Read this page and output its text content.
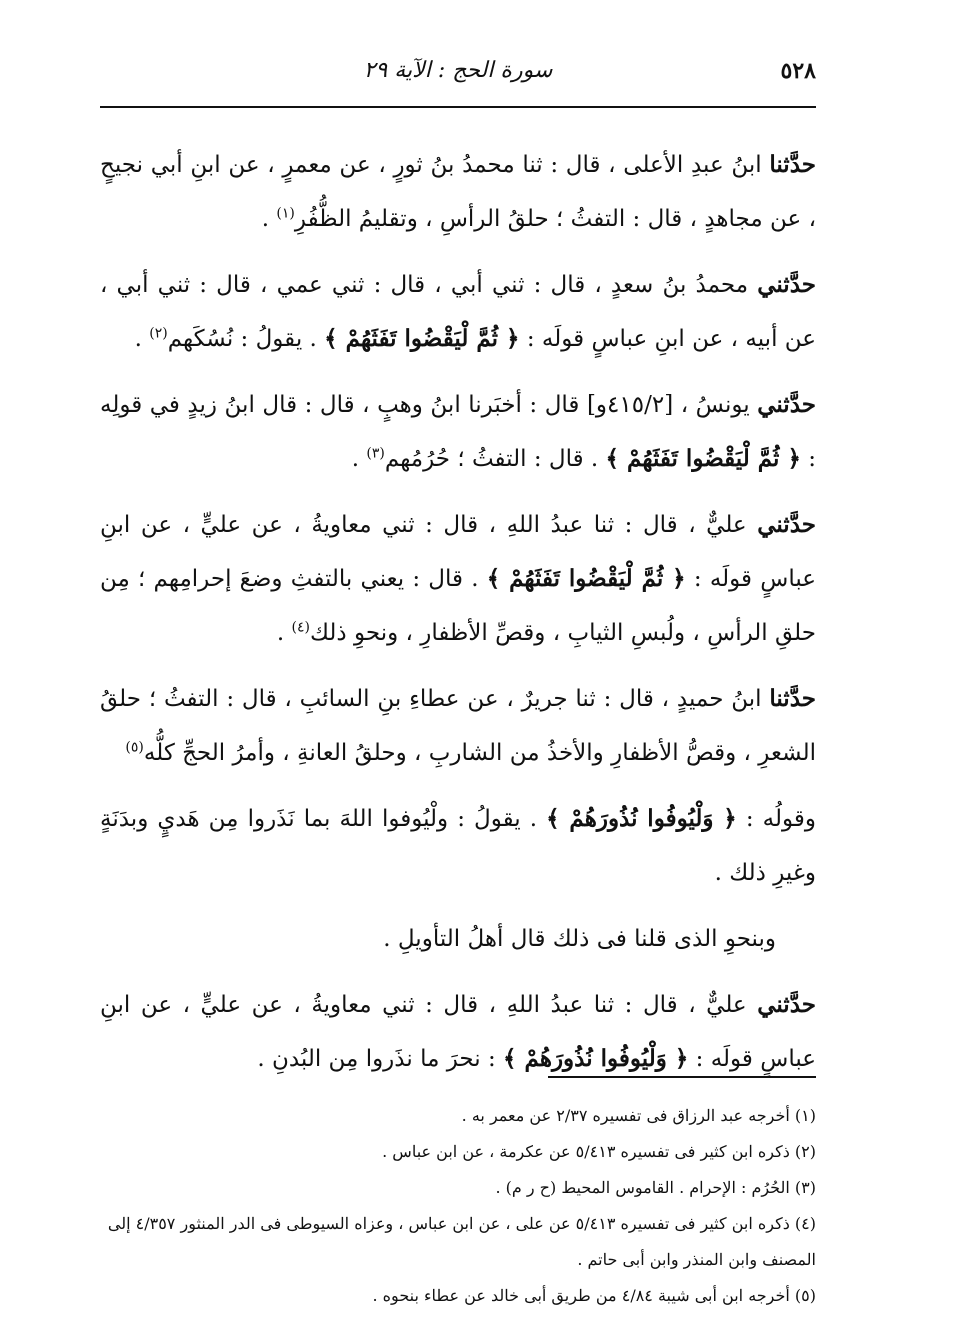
٥٢٨
سورة الحج : الآية ٢٩

حدَّثنا ابنُ عبدِ الأعلى ، قال : ثنا محمدُ بنُ ثورٍ ، عن معمرٍ ، عن ابنِ أبي نجيحٍ ، عن مجاهدٍ ، قال : التفثُ ؛ حلقُ الرأسِ ، وتقليمُ الظُّفُرِ$^{(١)}$ .

حدَّثني محمدُ بنُ سعدٍ ، قال : ثني أبي ، قال : ثني عمي ، قال : ثني أبي ، عن أبيه ، عن ابنِ عباسٍ قولَه : ﴿ ثُمَّ لْيَقْضُوا تَفَثَهُمْ ﴾ . يقولُ : نُسُكَهم$^{(٢)}$ .

حدَّثني يونسُ ، [٤١٥/٢و] قال : أخبَرنا ابنُ وهبٍ ، قال : قال ابنُ زيدٍ في قولِه : ﴿ ثُمَّ لْيَقْضُوا تَفَثَهُمْ ﴾ . قال : التفثُ ؛ حُرُمُهم$^{(٣)}$ .

حدَّثني عليٌّ ، قال : ثنا عبدُ اللهِ ، قال : ثني معاويةُ ، عن عليٍّ ، عن ابنِ عباسٍ قولَه : ﴿ ثُمَّ لْيَقْضُوا تَفَثَهُمْ ﴾ . قال : يعني بالتفثِ وضعَ إحرامِهم ؛ مِن حلقِ الرأسِ ، ولُبسِ الثيابِ ، وقصِّ الأظفارِ ، ونحوِ ذلك$^{(٤)}$ .

حدَّثنا ابنُ حميدٍ ، قال : ثنا جريرٌ ، عن عطاءِ بنِ السائبِ ، قال : التفثُ ؛ حلقُ الشعرِ ، وقصُّ الأظفارِ والأخذُ من الشاربِ ، وحلقُ العانةِ ، وأمرُ الحجِّ كلُّه$^{(٥)}$

وقولُه : ﴿ وَلْيُوفُوا نُذُورَهُمْ ﴾ . يقولُ : ولْيُوفوا اللهَ بما نَذَروا مِن هَديٍ وبدَنَةٍ وغيرِ ذلك .

وبنحوِ الذى قلنا فى ذلك قال أهلُ التأويلِ .

حدَّثني عليٌّ ، قال : ثنا عبدُ اللهِ ، قال : ثني معاويةُ ، عن عليٍّ ، عن ابنِ عباسٍ قولَه : ﴿ وَلْيُوفُوا نُذُورَهُمْ ﴾ : نحرَ ما نذَروا مِن البُدنِ .

(١) أخرجه عبد الرزاق فى تفسيره ٢/٣٧ عن معمر به .

(٢) ذكره ابن كثير فى تفسيره ٥/٤١٣ عن عكرمة ، عن ابن عباس .

(٣) الحُرُم : الإحرام . القاموس المحيط (ح ر م) .

(٤) ذكره ابن كثير فى تفسيره ٥/٤١٣ عن على ، عن ابن عباس ، وعزاه السيوطى فى الدر المنثور ٤/٣٥٧ إلى المصنف وابن المنذر وابن أبى حاتم .

(٥) أخرجه ابن أبى شيبة ٤/٨٤ من طريق أبى خالد عن عطاء بنحوه .
